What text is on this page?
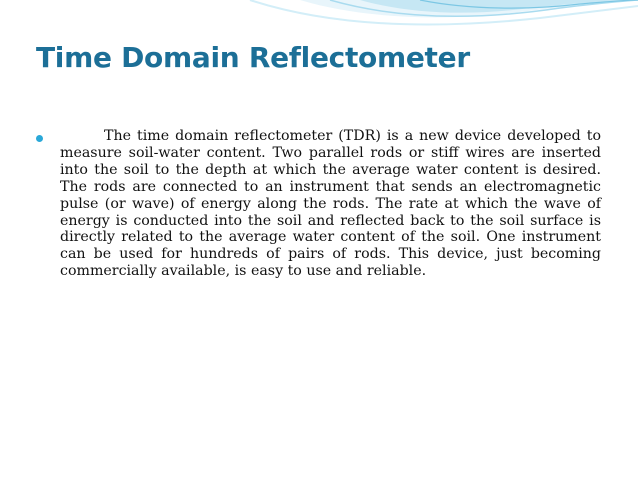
Time Domain Reflectometer

The time domain reflectometer (TDR) is a new device developed to measure soil-water content. Two parallel rods or stiff wires are inserted into the soil to the depth at which the average water content is desired. The rods are connected to an instrument that sends an electromagnetic pulse (or wave) of energy along the rods. The rate at which the wave of energy is conducted into the soil and reflected back to the soil surface is directly related to the average water content of the soil. One instrument can be used for hundreds of pairs of rods. This device, just becoming commercially available, is easy to use and reliable.
